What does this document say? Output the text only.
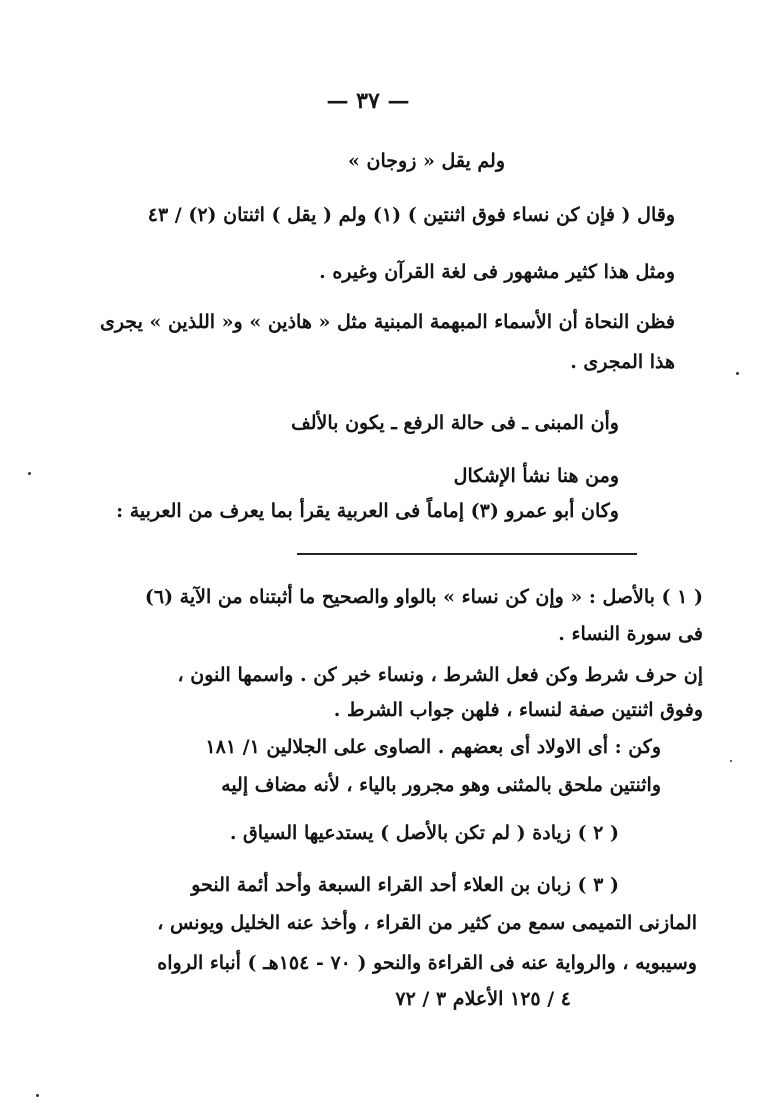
— ٣٧ —
ولم يقل « زوجان »
وقال ( فإن كن نساء فوق اثنتين ) (١) ولم ( يقل ) اثنتان (٢) / ٤٣
ومثل هذا كثير مشهور فى لغة القرآن وغيره .
فظن النحاة أن الأسماء المبهمة المبنية مثل « هاذين » و« اللذين » يجرى
هذا المجرى .
وأن المبنى ـ فى حالة الرفع ـ يكون بالألف
ومن هنا نشأ الإشكال
وكان أبو عمرو (٣) إماماً فى العربية يقرأ بما يعرف من العربية :
( ١ ) بالأصل : « وإن كن نساء » بالواو والصحيح ما أثبتناه من الآية (٦)
فى سورة النساء .
إن حرف شرط وكن فعل الشرط ، ونساء خبر كن . واسمها النون ،
وفوق اثنتين صفة لنساء ، فلهن جواب الشرط .
وكن : أى الاولاد أى بعضهم . الصاوى على الجلالين ١/ ١٨١
واثنتين ملحق بالمثنى وهو مجرور بالياء ، لأنه مضاف إليه
( ٢ ) زيادة ( لم تكن بالأصل ) يستدعيها السياق .
( ٣ ) زبان بن العلاء أحد القراء السبعة وأحد أئمة النحو
المازنى التميمى سمع من كثير من القراء ، وأخذ عنه الخليل ويونس ،
وسيبويه ، والرواية عنه فى القراءة والنحو ( ٧٠ - ١٥٤هـ ) أنباء الرواه
٤ / ١٢٥ الأعلام ٣ / ٧٢
